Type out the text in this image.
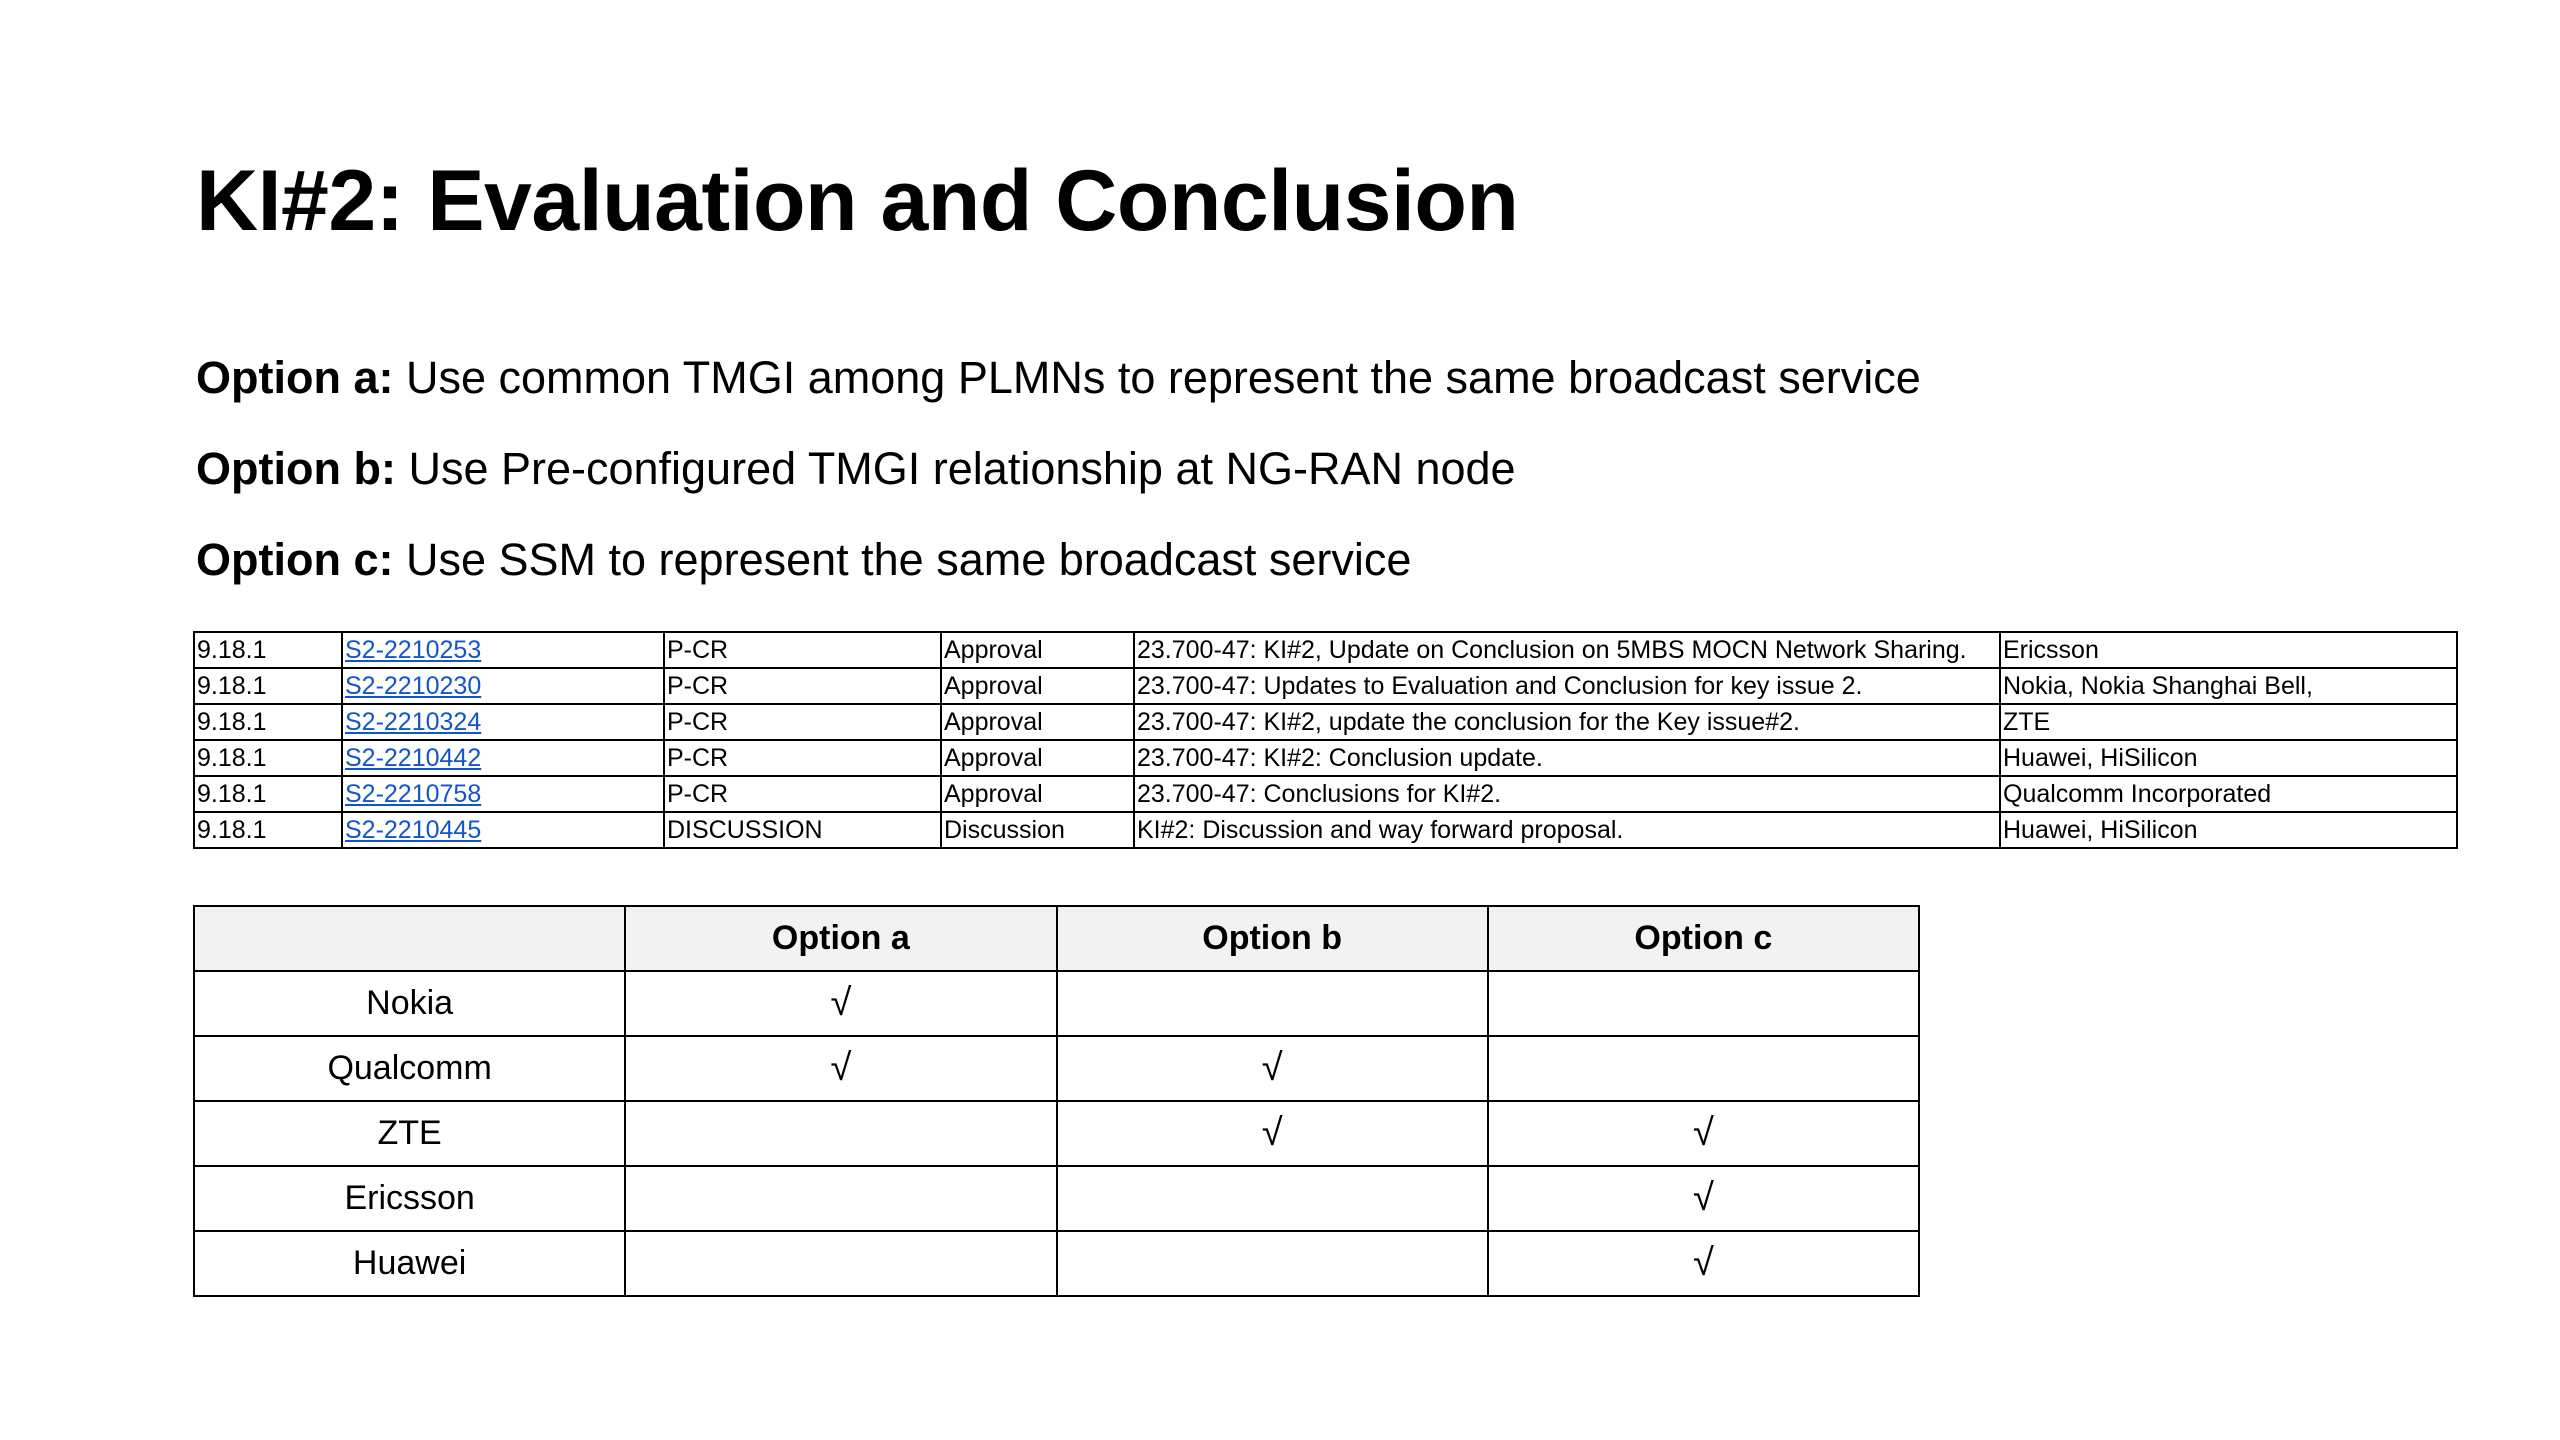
KI#2: Evaluation and Conclusion
Option a: Use common TMGI among PLMNs to represent the same broadcast service
Option b: Use Pre-configured TMGI relationship at NG-RAN node
Option c: Use SSM to represent the same broadcast service
9.18.1	S2-2210253	P-CR	Approval	23.700-47: KI#2, Update on Conclusion on 5MBS MOCN Network Sharing.	Ericsson
9.18.1	S2-2210230	P-CR	Approval	23.700-47: Updates to Evaluation and Conclusion for key issue 2.	Nokia, Nokia Shanghai Bell,
9.18.1	S2-2210324	P-CR	Approval	23.700-47: KI#2, update the conclusion for the Key issue#2.	ZTE
9.18.1	S2-2210442	P-CR	Approval	23.700-47: KI#2: Conclusion update.	Huawei, HiSilicon
9.18.1	S2-2210758	P-CR	Approval	23.700-47: Conclusions for KI#2.	Qualcomm Incorporated
9.18.1	S2-2210445	DISCUSSION	Discussion	KI#2: Discussion and way forward proposal.	Huawei, HiSilicon
	Option a	Option b	Option c
Nokia	√		
Qualcomm	√	√	
ZTE		√	√
Ericsson			√
Huawei			√
